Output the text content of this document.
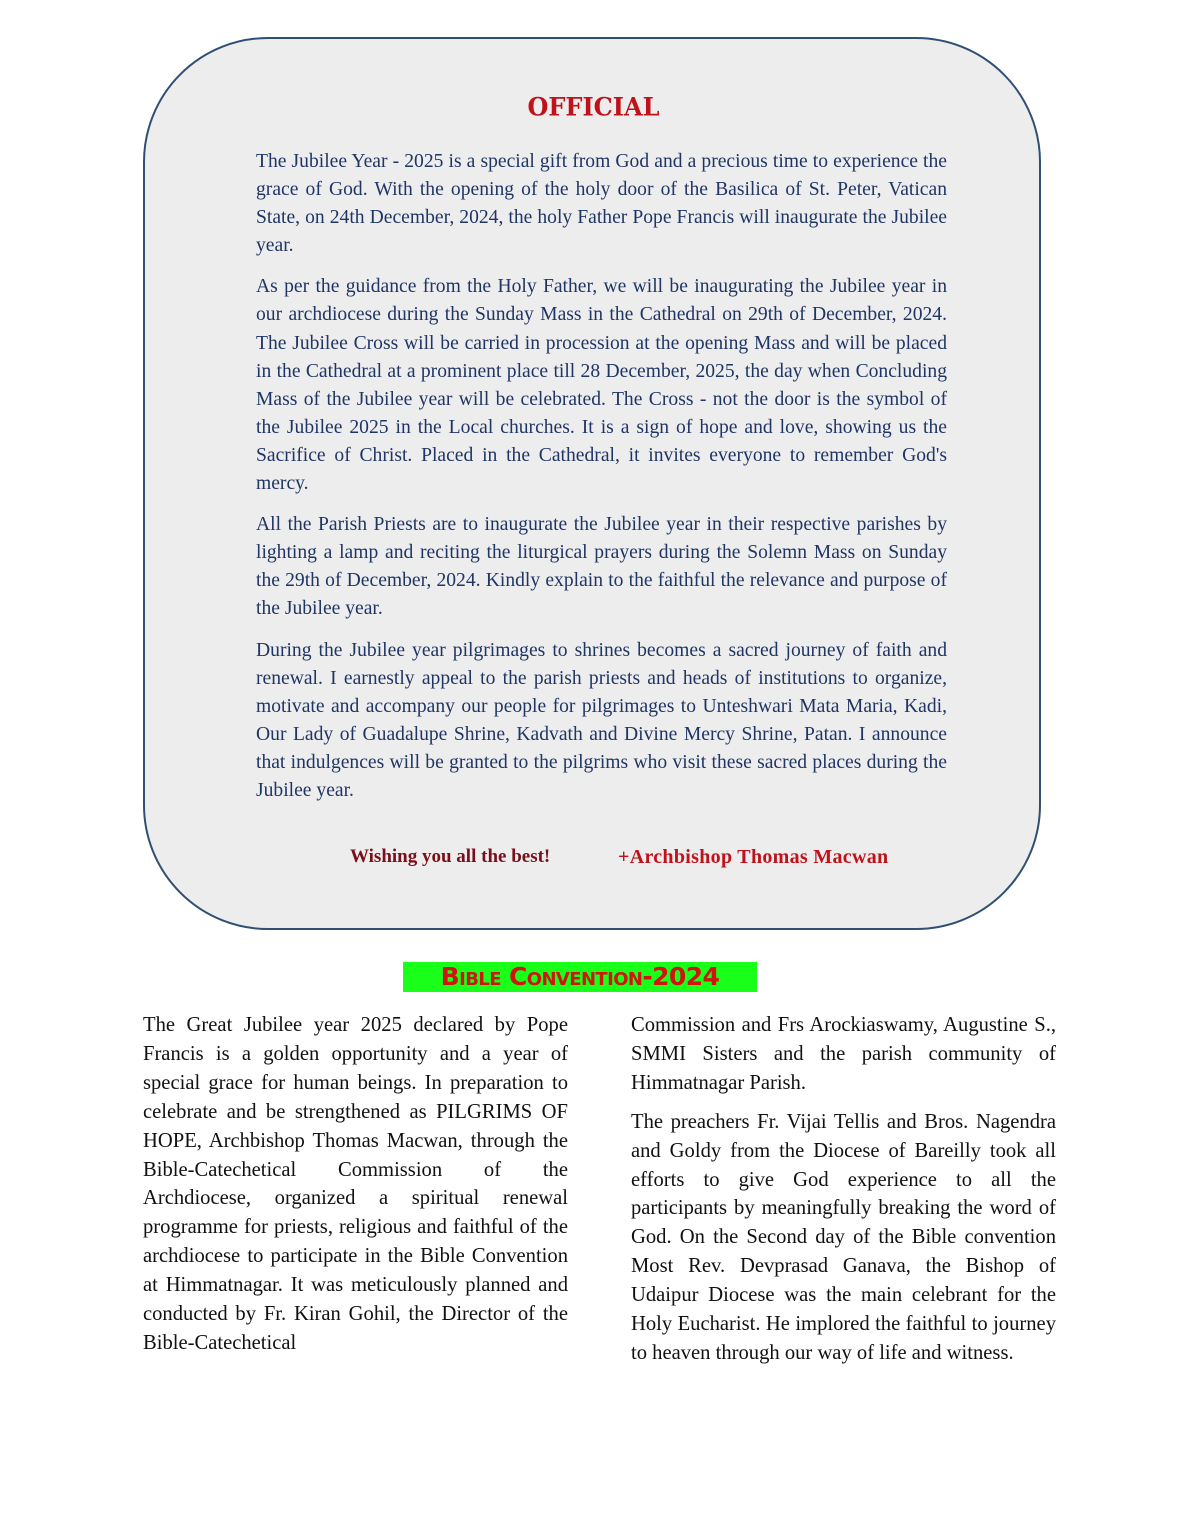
OFFICIAL

The Jubilee Year - 2025 is a special gift from God and a precious time to experience the grace of God. With the opening of the holy door of the Basilica of St. Peter, Vatican State, on 24th December, 2024, the holy Father Pope Francis will inaugurate the Jubilee year.

As per the guidance from the Holy Father, we will be inaugurating the Jubilee year in our archdiocese during the Sunday Mass in the Cathedral on 29th of December, 2024. The Jubilee Cross will be carried in procession at the opening Mass and will be placed in the Cathedral at a prominent place till 28 December, 2025, the day when Concluding Mass of the Jubilee year will be celebrated. The Cross - not the door is the symbol of the Jubilee 2025 in the Local churches. It is a sign of hope and love, showing us the Sacrifice of Christ. Placed in the Cathedral, it invites everyone to remember God's mercy.

All the Parish Priests are to inaugurate the Jubilee year in their respective parishes by lighting a lamp and reciting the liturgical prayers during the Solemn Mass on Sunday the 29th of December, 2024. Kindly explain to the faithful the relevance and purpose of the Jubilee year.

During the Jubilee year pilgrimages to shrines becomes a sacred journey of faith and renewal. I earnestly appeal to the parish priests and heads of institutions to organize, motivate and accompany our people for pilgrimages to Unteshwari Mata Maria, Kadi, Our Lady of Guadalupe Shrine, Kadvath and Divine Mercy Shrine, Patan. I announce that indulgences will be granted to the pilgrims who visit these sacred places during the Jubilee year.

Wishing you all the best!	+Archbishop Thomas Macwan
Bible Convention-2024

The Great Jubilee year 2025 declared by Pope Francis is a golden opportunity and a year of special grace for human beings. In preparation to celebrate and be strengthened as PILGRIMS OF HOPE, Archbishop Thomas Macwan, through the Bible-Catechetical Commission of the Archdiocese, organized a spiritual renewal programme for priests, religious and faithful of the archdiocese to participate in the Bible Convention at Himmatnagar. It was meticulously planned and conducted by Fr. Kiran Gohil, the Director of the Bible-Catechetical

Commission and Frs Arockiaswamy, Augustine S., SMMI Sisters and the parish community of Himmatnagar Parish.

The preachers Fr. Vijai Tellis and Bros. Nagendra and Goldy from the Diocese of Bareilly took all efforts to give God experience to all the participants by meaningfully breaking the word of God. On the Second day of the Bible convention Most Rev. Devprasad Ganava, the Bishop of Udaipur Diocese was the main celebrant for the Holy Eucharist. He implored the faithful to journey to heaven through our way of life and witness.
